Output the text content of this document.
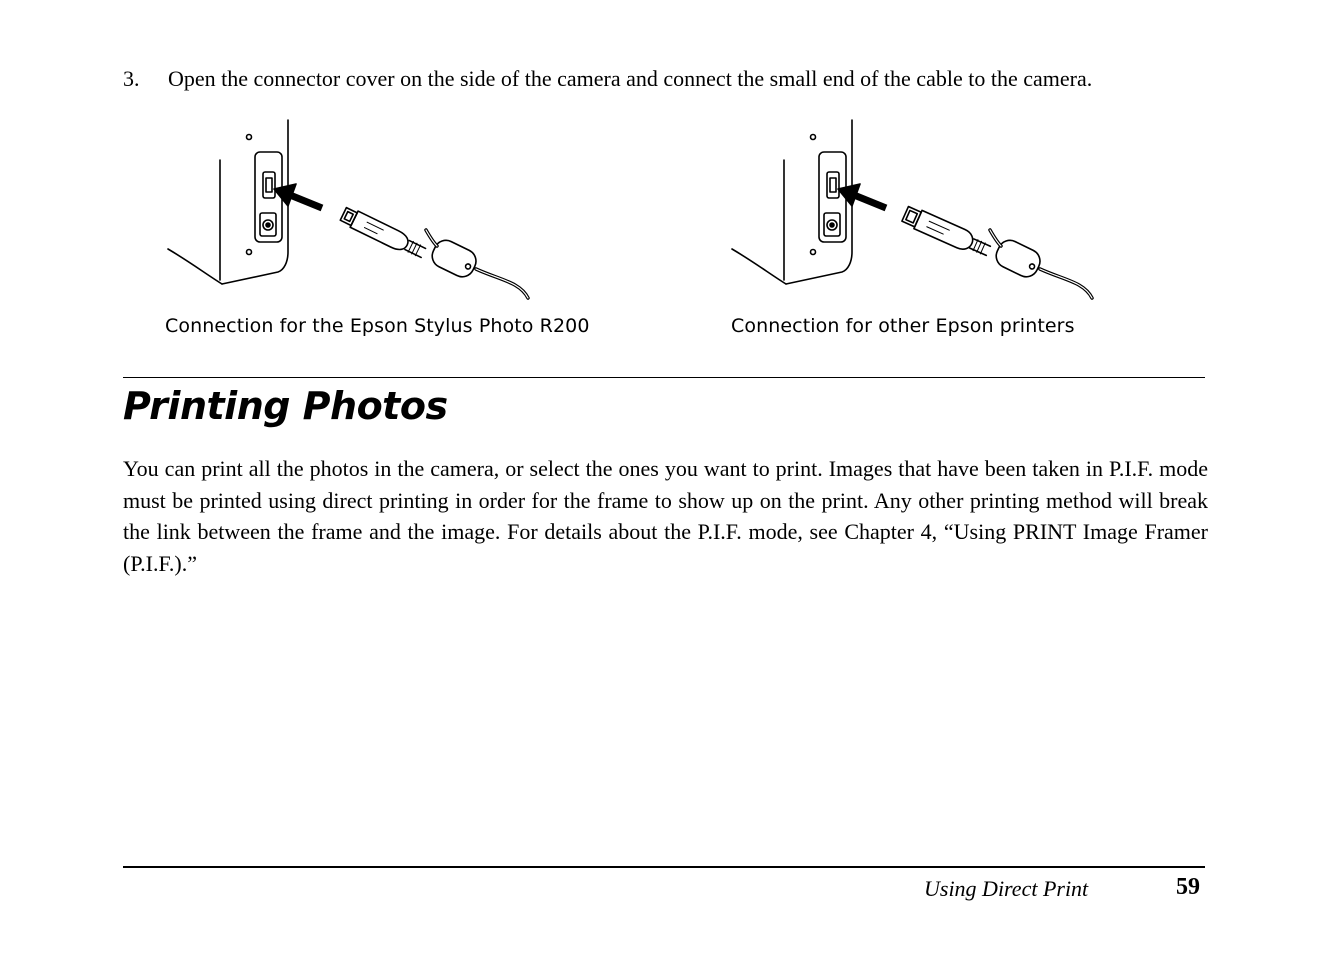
3. Open the connector cover on the side of the camera and connect the small end of the cable to the camera.
Connection for the Epson Stylus Photo R200	Connection for other Epson printers
Printing Photos

You can print all the photos in the camera, or select the ones you want to print. Images that have been taken in P.I.F. mode must be printed using direct printing in order for the frame to show up on the print. Any other printing method will break the link between the frame and the image. For details about the P.I.F. mode, see Chapter 4, “Using PRINT Image Framer (P.I.F.).”

Using Direct Print	59
